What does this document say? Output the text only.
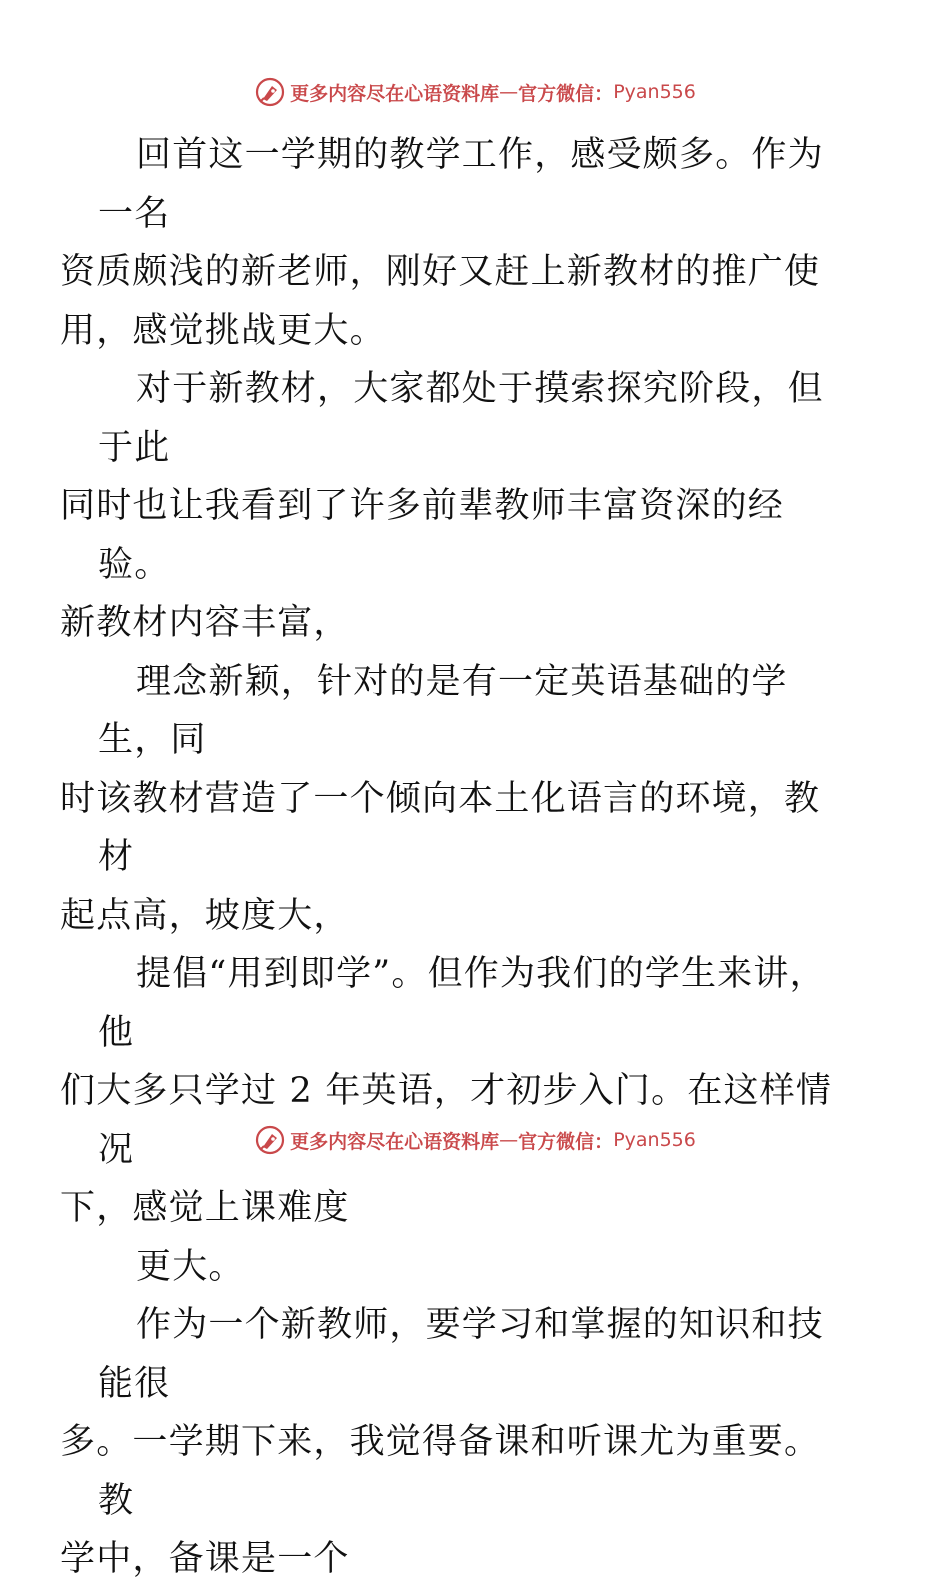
更多内容尽在心语资料库 — 官方微信： Pyan556

回首这一学期的教学工作，感受颇多。作为一名
资质颇浅的新老师，刚好又赶上新教材的推广使
用，感觉挑战更大。

对于新教材，大家都处于摸索探究阶段，但于此
同时也让我看到了许多前辈教师丰富资深的经验。
新教材内容丰富，

理念新颖，针对的是有一定英语基础的学生，同
时该教材营造了一个倾向本土化语言的环境，教材
起点高，坡度大，

提倡“用到即学”。但作为我们的学生来讲，他
们大多只学过 2 年英语，才初步入门。在这样情况
下，感觉上课难度

更大。

作为一个新教师，要学习和掌握的知识和技能很
多。一学期下来，我觉得备课和听课尤为重要。教
学中，备课是一个

更多内容尽在心语资料库 — 官方微信： Pyan556
